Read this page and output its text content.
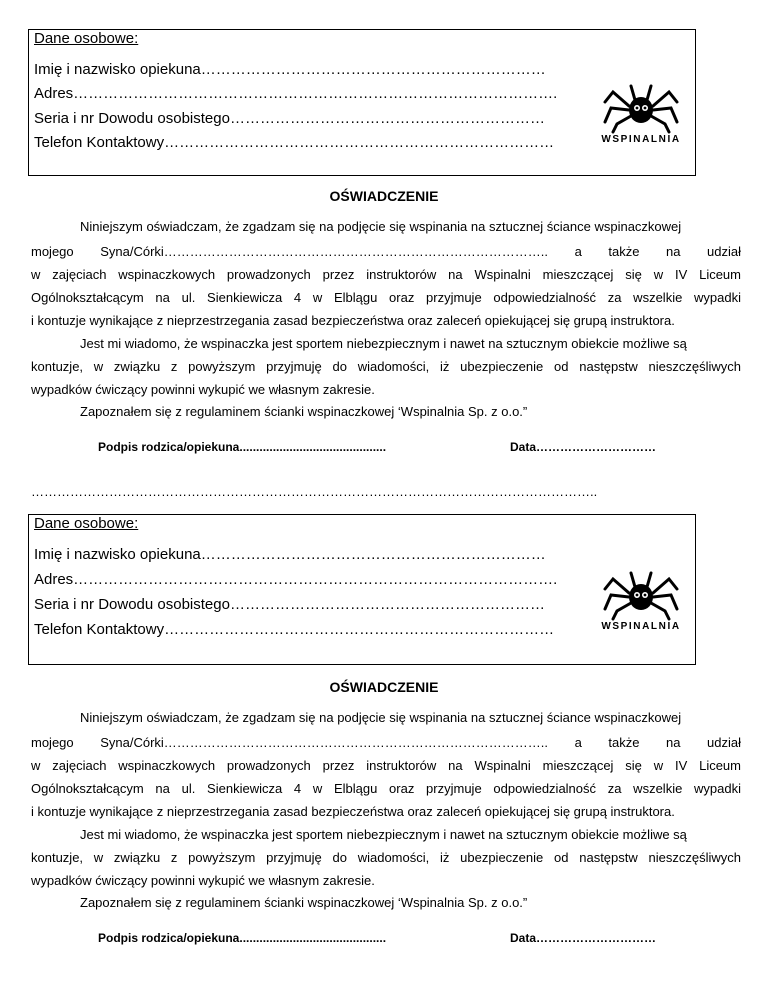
Dane osobowe:
Imię i nazwisko opiekuna……………………………………………………………
Adres…………………………………………………………………………………….
Seria i nr Dowodu osobistego………………………………………………………
Telefon Kontaktowy……………………………………………………………………	WSPINALNIA
OŚWIADCZENIE
Niniejszym oświadczam, że zgadzam się na podjęcie się wspinania na sztucznej ściance wspinaczkowej
mojego Syna/Córki…………………………………………………………………………….. a także na udział
w zajęciach wspinaczkowych prowadzonych przez instruktorów na Wspinalni mieszczącej się w IV Liceum
Ogólnokształcącym na ul. Sienkiewicza 4 w Elblągu oraz przyjmuje odpowiedzialność za wszelkie wypadki
i kontuzje wynikające z nieprzestrzegania zasad bezpieczeństwa oraz zaleceń opiekującej się grupą instruktora.
Jest mi wiadomo, że wspinaczka jest sportem niebezpiecznym i nawet na sztucznym obiekcie możliwe są
kontuzje, w związku z powyższym przyjmuję do wiadomości, iż ubezpieczenie od następstw nieszczęśliwych
wypadków ćwiczący powinni wykupić we własnym zakresie.
Zapoznałem się z regulaminem ścianki wspinaczkowej ‘Wspinalnia Sp. z o.o.”
Podpis rodzica/opiekuna............................................	Data…………………………
…………………………………………………………………………………………………………………..
Dane osobowe:
Imię i nazwisko opiekuna……………………………………………………………
Adres…………………………………………………………………………………….
Seria i nr Dowodu osobistego………………………………………………………
Telefon Kontaktowy……………………………………………………………………	WSPINALNIA
OŚWIADCZENIE
Niniejszym oświadczam, że zgadzam się na podjęcie się wspinania na sztucznej ściance wspinaczkowej
mojego Syna/Córki…………………………………………………………………………….. a także na udział
w zajęciach wspinaczkowych prowadzonych przez instruktorów na Wspinalni mieszczącej się w IV Liceum
Ogólnokształcącym na ul. Sienkiewicza 4 w Elblągu oraz przyjmuje odpowiedzialność za wszelkie wypadki
i kontuzje wynikające z nieprzestrzegania zasad bezpieczeństwa oraz zaleceń opiekującej się grupą instruktora.
Jest mi wiadomo, że wspinaczka jest sportem niebezpiecznym i nawet na sztucznym obiekcie możliwe są
kontuzje, w związku z powyższym przyjmuję do wiadomości, iż ubezpieczenie od następstw nieszczęśliwych
wypadków ćwiczący powinni wykupić we własnym zakresie.
Zapoznałem się z regulaminem ścianki wspinaczkowej ‘Wspinalnia Sp. z o.o.”
Podpis rodzica/opiekuna............................................	Data…………………………
